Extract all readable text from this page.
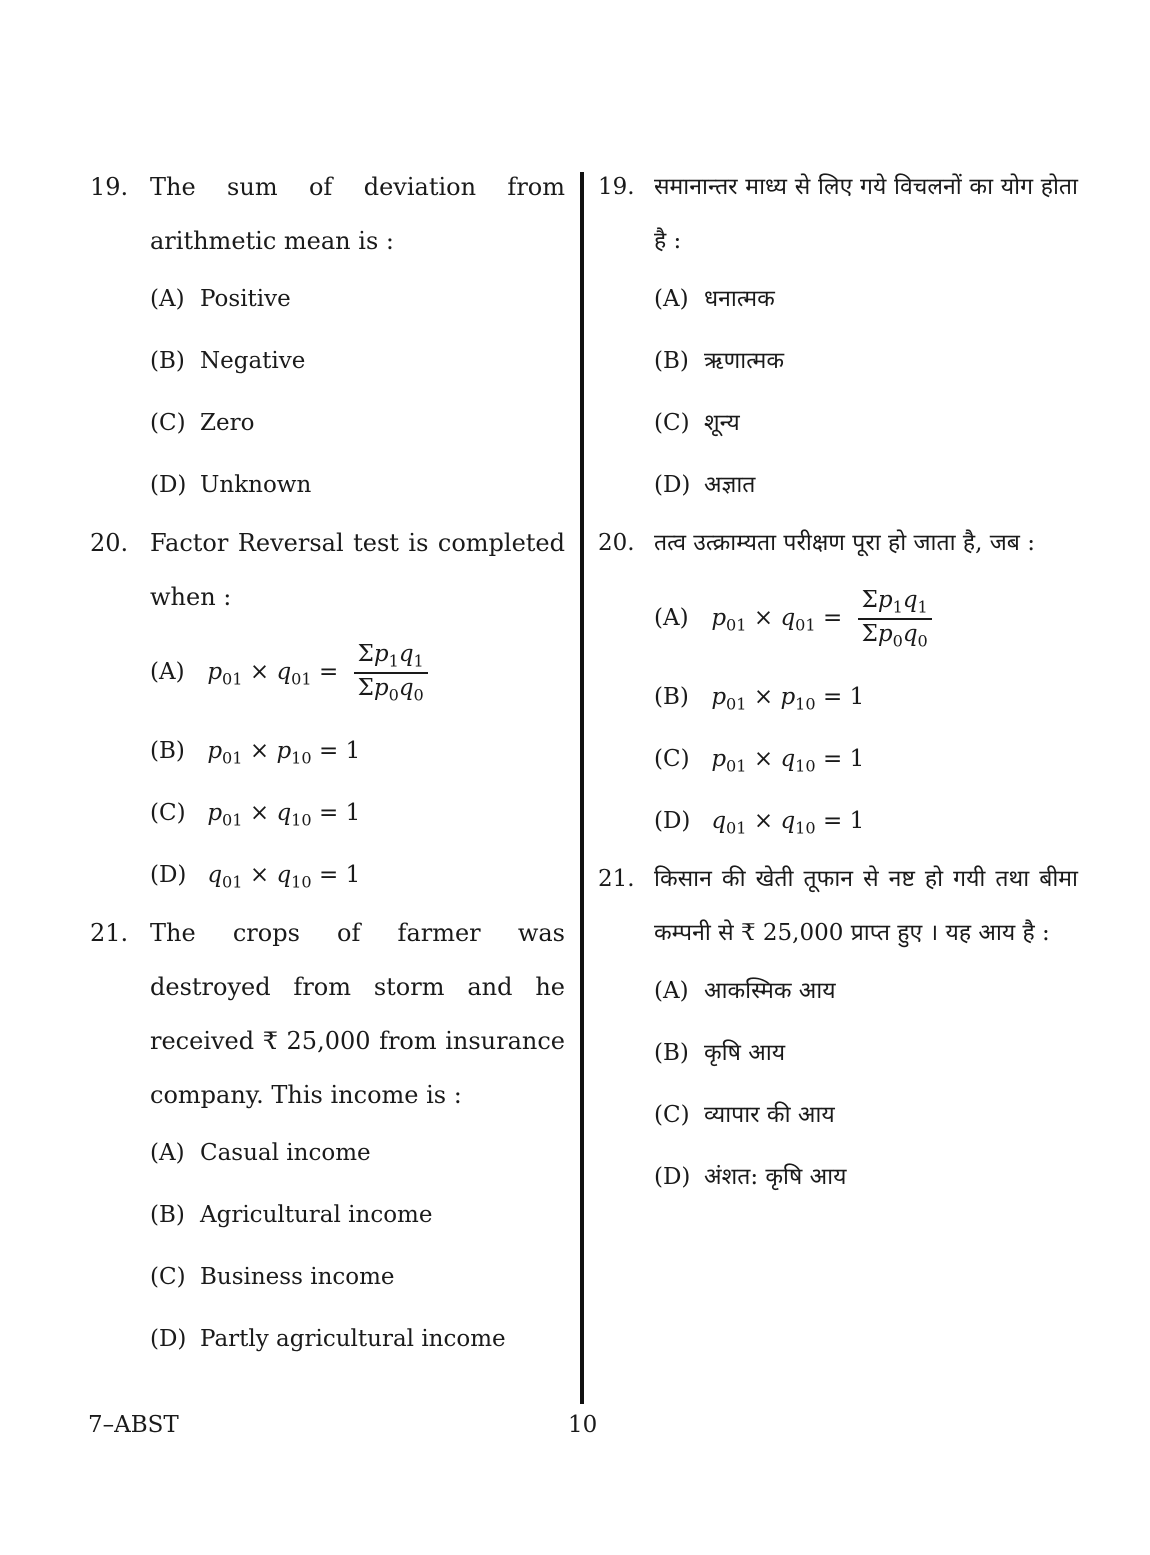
19. The sum of deviation from arithmetic mean is :
(A) Positive
(B) Negative
(C) Zero
(D) Unknown
20. Factor Reversal test is completed when :
(A) $p_{01} \times q_{01} = \frac{\Sigma p_1q_1}{\Sigma p_0q_0}$
(B) $p_{01} \times p_{10} = 1$
(C) $p_{01} \times q_{10} = 1$
(D) $q_{01} \times q_{10} = 1$
21. The crops of farmer was destroyed from storm and he received ₹ 25,000 from insurance company. This income is :
(A) Casual income
(B) Agricultural income
(C) Business income
(D) Partly agricultural income
19. समानान्तर माध्य से लिए गये विचलनों का योग होता है :
(A) धनात्मक
(B) ऋणात्मक
(C) शून्य
(D) अज्ञात
20. तत्व उत्क्राम्यता परीक्षण पूरा हो जाता है, जब :
(A) $p_{01} \times q_{01} = \frac{\Sigma p_1q_1}{\Sigma p_0q_0}$
(B) $p_{01} \times p_{10} = 1$
(C) $p_{01} \times q_{10} = 1$
(D) $q_{01} \times q_{10} = 1$
21. किसान की खेती तूफान से नष्ट हो गयी तथा बीमा कम्पनी से ₹ 25,000 प्राप्त हुए । यह आय है :
(A) आकस्मिक आय
(B) कृषि आय
(C) व्यापार की आय
(D) अंशत: कृषि आय
7–ABST	10
